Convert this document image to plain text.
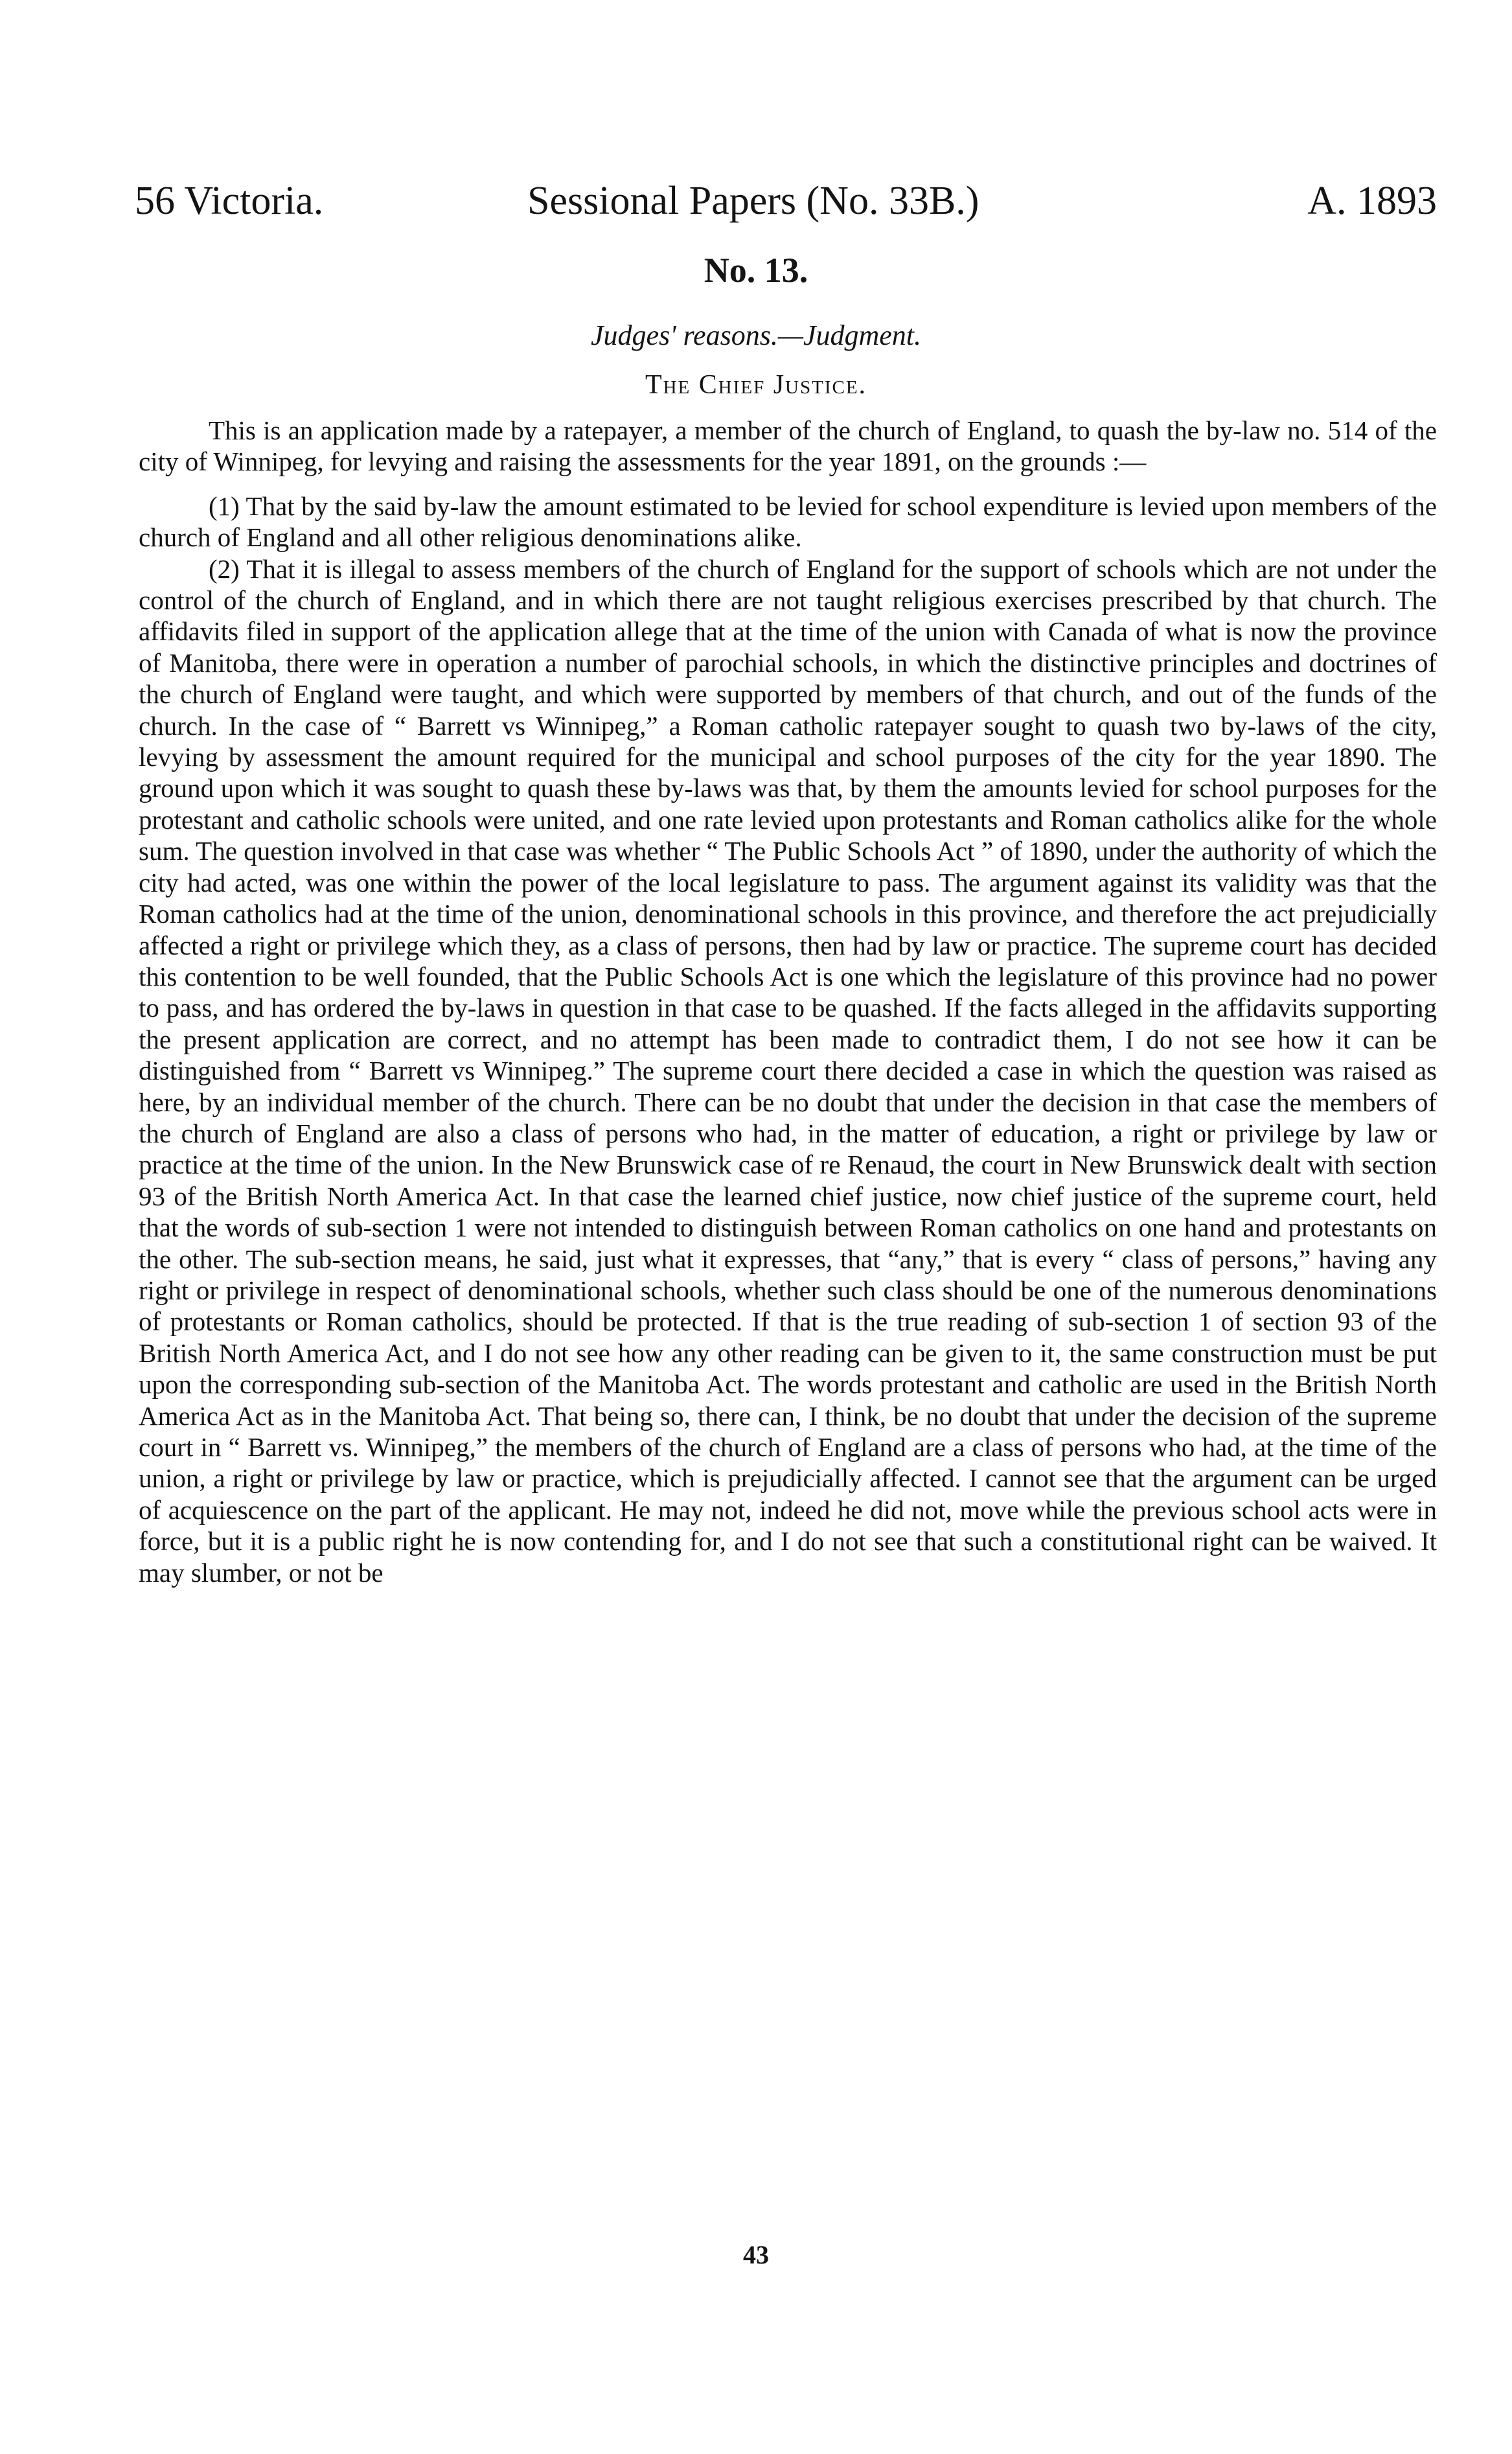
56 Victoria.	Sessional Papers (No. 33B.)	A. 1893
No. 13.
Judges' reasons.—Judgment.
The Chief Justice.

This is an application made by a ratepayer, a member of the church of England, to quash the by-law no. 514 of the city of Winnipeg, for levying and raising the assessments for the year 1891, on the grounds :—

(1) That by the said by-law the amount estimated to be levied for school expenditure is levied upon members of the church of England and all other religious denominations alike.

(2) That it is illegal to assess members of the church of England for the support of schools which are not under the control of the church of England, and in which there are not taught religious exercises prescribed by that church. The affidavits filed in support of the application allege that at the time of the union with Canada of what is now the province of Manitoba, there were in operation a number of parochial schools, in which the distinctive principles and doctrines of the church of England were taught, and which were supported by members of that church, and out of the funds of the church. In the case of “ Barrett vs Winnipeg,” a Roman catholic ratepayer sought to quash two by-laws of the city, levying by assessment the amount required for the municipal and school purposes of the city for the year 1890. The ground upon which it was sought to quash these by-laws was that, by them the amounts levied for school purposes for the protestant and catholic schools were united, and one rate levied upon protestants and Roman catholics alike for the whole sum. The question involved in that case was whether “ The Public Schools Act ” of 1890, under the authority of which the city had acted, was one within the power of the local legislature to pass. The argument against its validity was that the Roman catholics had at the time of the union, denominational schools in this province, and therefore the act prejudicially affected a right or privilege which they, as a class of persons, then had by law or practice. The supreme court has decided this contention to be well founded, that the Public Schools Act is one which the legislature of this province had no power to pass, and has ordered the by-laws in question in that case to be quashed. If the facts alleged in the affidavits supporting the present application are correct, and no attempt has been made to contradict them, I do not see how it can be distinguished from “ Barrett vs Winnipeg.” The supreme court there decided a case in which the question was raised as here, by an individual member of the church. There can be no doubt that under the decision in that case the members of the church of England are also a class of persons who had, in the matter of education, a right or privilege by law or practice at the time of the union. In the New Brunswick case of re Renaud, the court in New Brunswick dealt with section 93 of the British North America Act. In that case the learned chief justice, now chief justice of the supreme court, held that the words of sub-section 1 were not intended to distinguish between Roman catholics on one hand and protestants on the other. The sub-section means, he said, just what it expresses, that “any,” that is every “ class of persons,” having any right or privilege in respect of denominational schools, whether such class should be one of the numerous denominations of protestants or Roman catholics, should be protected. If that is the true reading of sub-section 1 of section 93 of the British North America Act, and I do not see how any other reading can be given to it, the same construction must be put upon the corresponding sub-section of the Manitoba Act. The words protestant and catholic are used in the British North America Act as in the Manitoba Act. That being so, there can, I think, be no doubt that under the decision of the supreme court in “ Barrett vs. Winnipeg,” the members of the church of England are a class of persons who had, at the time of the union, a right or privilege by law or practice, which is prejudicially affected. I cannot see that the argument can be urged of acquiescence on the part of the applicant. He may not, indeed he did not, move while the previous school acts were in force, but it is a public right he is now contending for, and I do not see that such a constitutional right can be waived. It may slumber, or not be

43
